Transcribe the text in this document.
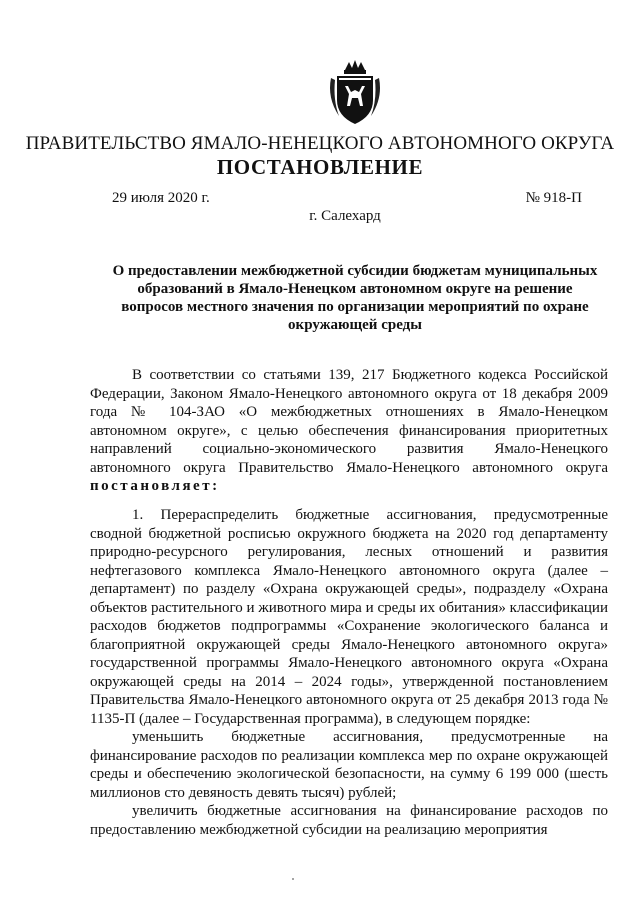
ПРАВИТЕЛЬСТВО ЯМАЛО-НЕНЕЦКОГО АВТОНОМНОГО ОКРУГА
ПОСТАНОВЛЕНИЕ
29 июля 2020 г.	№ 918-П
г. Салехард
О предоставлении межбюджетной субсидии бюджетам муниципальных образований в Ямало-Ненецком автономном округе на решение вопросов местного значения по организации мероприятий по охране окружающей среды

В соответствии со статьями 139, 217 Бюджетного кодекса Российской Федерации, Законом Ямало-Ненецкого автономного округа от 18 декабря 2009 года № 104-ЗАО «О межбюджетных отношениях в Ямало-Ненецком автономном округе», с целью обеспечения финансирования приоритетных направлений социально-экономического развития Ямало-Ненецкого автономного округа Правительство Ямало-Ненецкого автономного округа постановляет:

1. Перераспределить бюджетные ассигнования, предусмотренные сводной бюджетной росписью окружного бюджета на 2020 год департаменту природно-ресурсного регулирования, лесных отношений и развития нефтегазового комплекса Ямало-Ненецкого автономного округа (далее – департамент) по разделу «Охрана окружающей среды», подразделу «Охрана объектов растительного и животного мира и среды их обитания» классификации расходов бюджетов подпрограммы «Сохранение экологического баланса и благоприятной окружающей среды Ямало-Ненецкого автономного округа» государственной программы Ямало-Ненецкого автономного округа «Охрана окружающей среды на 2014 – 2024 годы», утвержденной постановлением Правительства Ямало-Ненецкого автономного округа от 25 декабря 2013 года № 1135-П (далее – Государственная программа), в следующем порядке:

уменьшить бюджетные ассигнования, предусмотренные на финансирование расходов по реализации комплекса мер по охране окружающей среды и обеспечению экологической безопасности, на сумму 6 199 000 (шесть миллионов сто девяность девять тысяч) рублей;

увеличить бюджетные ассигнования на финансирование расходов по предоставлению межбюджетной субсидии на реализацию мероприятия
